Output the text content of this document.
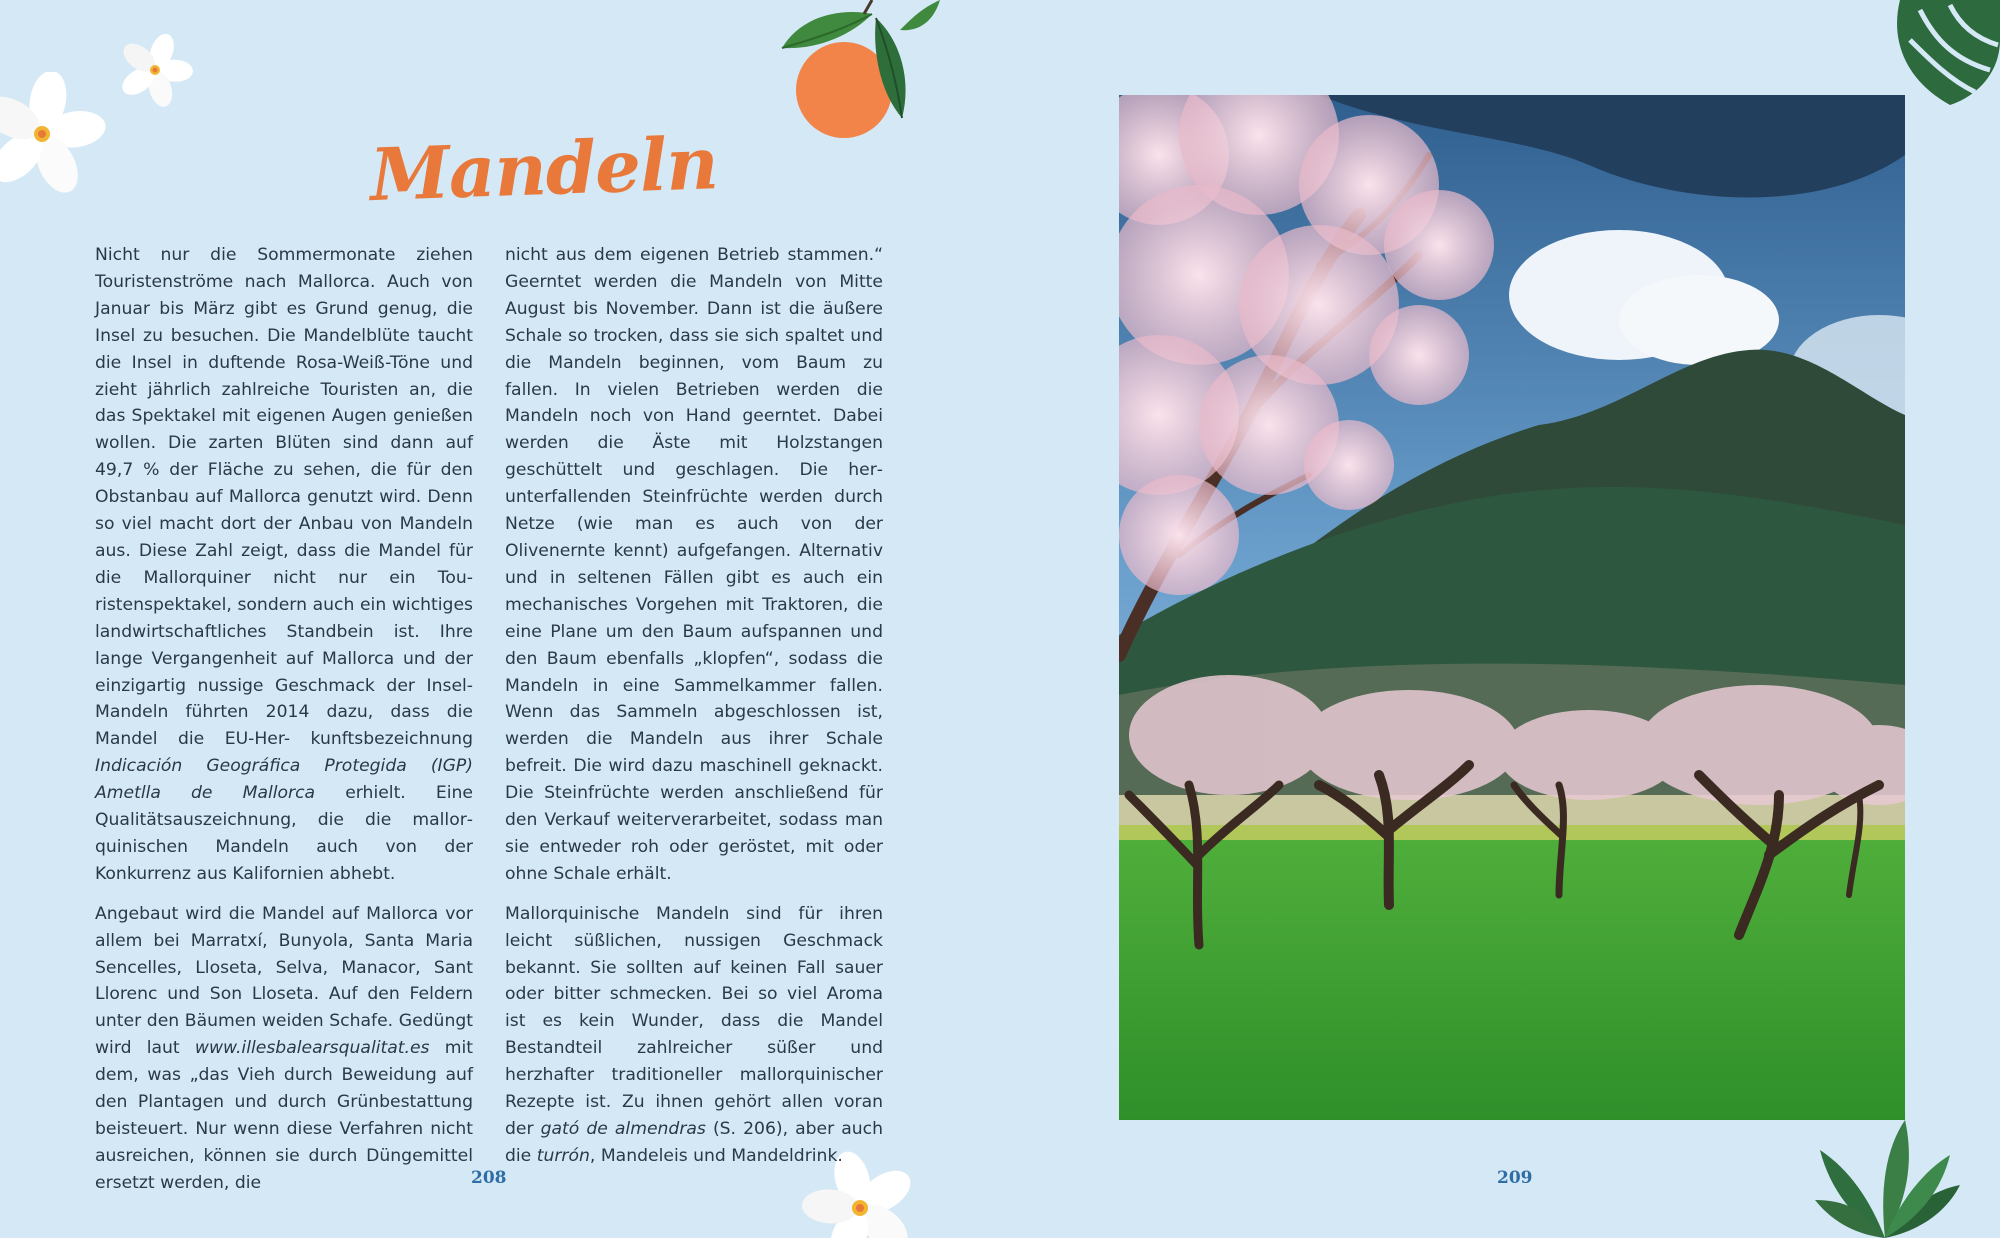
Mandeln

Nicht nur die Sommermonate ziehen Touristenströme nach Mallorca. Auch von Januar bis März gibt es Grund genug, die Insel zu besuchen. Die Mandelblüte taucht die Insel in duftende Rosa-Weiß-Töne und zieht jährlich zahlreiche Touristen an, die das Spektakel mit eigenen Augen genießen wollen. Die zarten Blüten sind dann auf 49,7 % der Fläche zu sehen, die für den Obstanbau auf Mallorca genutzt wird. Denn so viel macht dort der Anbau von Mandeln aus. Diese Zahl zeigt, dass die Mandel für die Mallorquiner nicht nur ein Touristenspektakel, sondern auch ein wichtiges landwirtschaftliches Standbein ist. Ihre lange Vergangenheit auf Mallorca und der einzigartig nussige Geschmack der Insel-Mandeln führten 2014 dazu, dass die Mandel die EU-Her- kunftsbezeichnung Indicación Geográfica Protegida (IGP) Ametlla de Mallorca erhielt. Eine Qualitätsauszeichnung, die die mallorquinischen Mandeln auch von der Konkurrenz aus Kalifornien abhebt.

Angebaut wird die Mandel auf Mallorca vor allem bei Marratxí, Bunyola, Santa Maria Sencelles, Lloseta, Selva, Manacor, Sant Llorenc und Son Lloseta. Auf den Feldern unter den Bäumen weiden Schafe. Gedüngt wird laut www.illesbalearsqualitat.es mit dem, was „das Vieh durch Beweidung auf den Plantagen und durch Grünbestattung beisteuert. Nur wenn diese Verfahren nicht ausreichen, können sie durch Düngemittel ersetzt werden, die

nicht aus dem eigenen Betrieb stammen.“ Geerntet werden die Mandeln von Mitte August bis November. Dann ist die äußere Schale so trocken, dass sie sich spaltet und die Mandeln beginnen, vom Baum zu fallen. In vielen Betrieben werden die Mandeln noch von Hand geerntet. Dabei werden die Äste mit Holzstangen geschüttelt und geschlagen. Die herunterfallenden Steinfrüchte werden durch Netze (wie man es auch von der Olivenernte kennt) aufgefangen. Alternativ und in seltenen Fällen gibt es auch ein mechanisches Vorgehen mit Traktoren, die eine Plane um den Baum aufspannen und den Baum ebenfalls „klopfen“, sodass die Mandeln in eine Sammelkammer fallen. Wenn das Sammeln abgeschlossen ist, werden die Mandeln aus ihrer Schale befreit. Die wird dazu maschinell geknackt. Die Steinfrüchte werden anschließend für den Verkauf weiterverarbeitet, sodass man sie entweder roh oder geröstet, mit oder ohne Schale erhält.

Mallorquinische Mandeln sind für ihren leicht süßlichen, nussigen Geschmack bekannt. Sie sollten auf keinen Fall sauer oder bitter schmecken. Bei so viel Aroma ist es kein Wunder, dass die Mandel Bestandteil zahlreicher süßer und herzhafter traditioneller mallorquinischer Rezepte ist. Zu ihnen gehört allen voran der gató de almendras (S. 206), aber auch die turrón, Mandeleis und Mandeldrink.

208	209
